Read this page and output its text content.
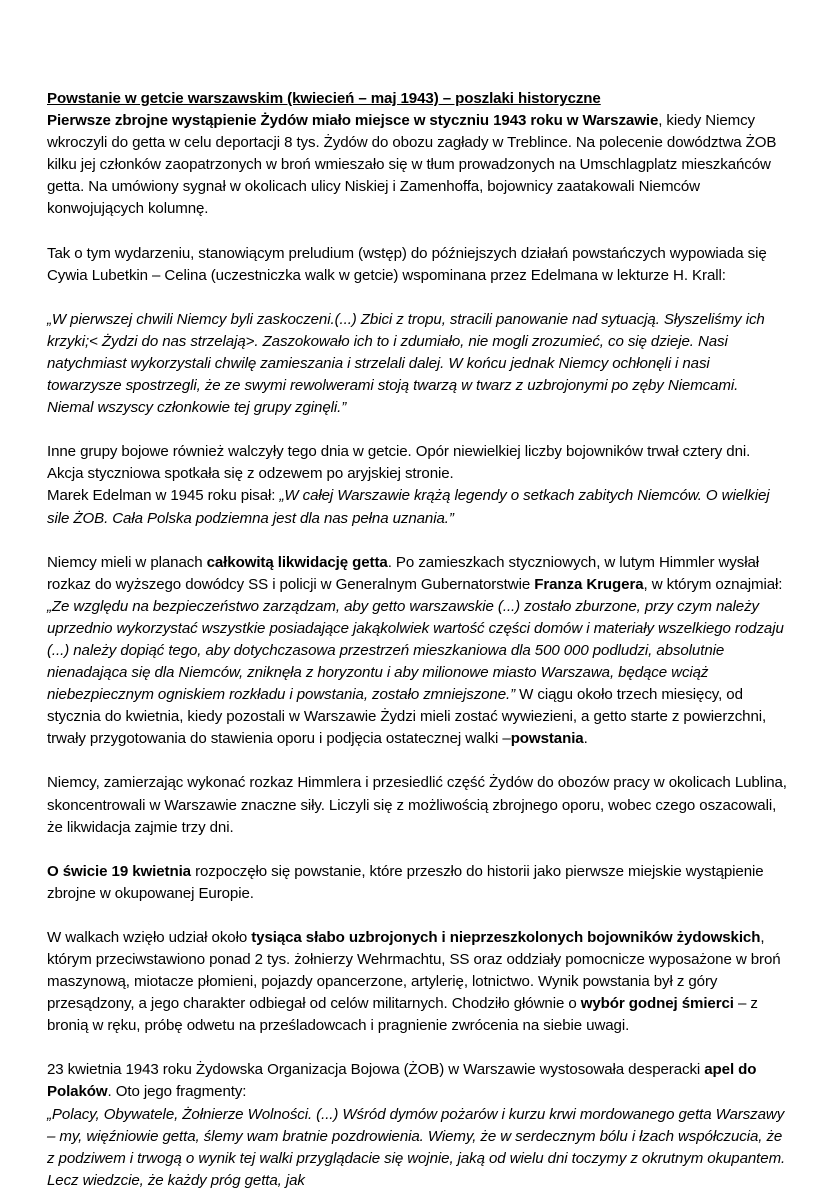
Powstanie w getcie warszawskim (kwiecień – maj 1943) – poszlaki historyczne

Pierwsze zbrojne wystąpienie Żydów miało miejsce w styczniu 1943 roku w Warszawie, kiedy Niemcy wkroczyli do getta w celu deportacji 8 tys. Żydów do obozu zagłady w Treblince. Na polecenie dowództwa ŻOB kilku jej członków zaopatrzonych w broń wmieszało się w tłum prowadzonych na Umschlagplatz mieszkańców getta. Na umówiony sygnał w okolicach ulicy Niskiej i Zamenhoffa, bojownicy zaatakowali Niemców konwojujących kolumnę.

Tak o tym wydarzeniu, stanowiącym preludium (wstęp) do późniejszych działań powstańczych wypowiada się Cywia Lubetkin – Celina (uczestniczka walk w getcie) wspominana przez Edelmana w lekturze H. Krall:

„W pierwszej chwili Niemcy byli zaskoczeni.(...) Zbici z tropu, stracili panowanie nad sytuacją. Słyszeliśmy ich krzyki;< Żydzi do nas strzelają>. Zaszokowało ich to i zdumiało, nie mogli zrozumieć, co się dzieje. Nasi natychmiast wykorzystali chwilę zamieszania i strzelali dalej. W końcu jednak Niemcy ochłonęli i nasi towarzysze spostrzegli, że ze swymi rewolwerami stoją twarzą w twarz z uzbrojonymi po zęby Niemcami. Niemal wszyscy członkowie tej grupy zginęli.”

Inne grupy bojowe również walczyły tego dnia w getcie. Opór niewielkiej liczby bojowników trwał cztery dni. Akcja styczniowa spotkała się z odzewem po aryjskiej stronie.

Marek Edelman w 1945 roku pisał: „W całej Warszawie krążą legendy o setkach zabitych Niemców. O wielkiej sile ŻOB. Cała Polska podziemna jest dla nas pełna uznania.”

Niemcy mieli w planach całkowitą likwidację getta. Po zamieszkach styczniowych, w lutym Himmler wysłał rozkaz do wyższego dowódcy SS i policji w Generalnym Gubernatorstwie Franza Krugera, w którym oznajmiał: „Ze względu na bezpieczeństwo zarządzam, aby getto warszawskie (...) zostało zburzone, przy czym należy uprzednio wykorzystać wszystkie posiadające jakąkolwiek wartość części domów i materiały wszelkiego rodzaju (...) należy dopiąć tego, aby dotychczasowa przestrzeń mieszkaniowa dla 500 000 podludzi, absolutnie nienadająca się dla Niemców, zniknęła z horyzontu i aby milionowe miasto Warszawa, będące wciąż niebezpiecznym ogniskiem rozkładu i powstania, zostało zmniejszone.” W ciągu około trzech miesięcy, od stycznia do kwietnia, kiedy pozostali w Warszawie Żydzi mieli zostać wywiezieni, a getto starte z powierzchni, trwały przygotowania do stawienia oporu i podjęcia ostatecznej walki –powstania.

Niemcy, zamierzając wykonać rozkaz Himmlera i przesiedlić część Żydów do obozów pracy w okolicach Lublina, skoncentrowali w Warszawie znaczne siły. Liczyli się z możliwością zbrojnego oporu, wobec czego oszacowali, że likwidacja zajmie trzy dni.

O świcie 19 kwietnia rozpoczęło się powstanie, które przeszło do historii jako pierwsze miejskie wystąpienie zbrojne w okupowanej Europie.

W walkach wzięło udział około tysiąca słabo uzbrojonych i nieprzeszkolonych bojowników żydowskich, którym przeciwstawiono ponad 2 tys. żołnierzy Wehrmachtu, SS oraz oddziały pomocnicze wyposażone w broń maszynową, miotacze płomieni, pojazdy opancerzone, artylerię, lotnictwo. Wynik powstania był z góry przesądzony, a jego charakter odbiegał od celów militarnych. Chodziło głównie o wybór godnej śmierci – z bronią w ręku, próbę odwetu na prześladowcach i pragnienie zwrócenia na siebie uwagi.

23 kwietnia 1943 roku Żydowska Organizacja Bojowa (ŻOB) w Warszawie wystosowała desperacki apel do Polaków. Oto jego fragmenty:

„Polacy, Obywatele, Żołnierze Wolności. (...) Wśród dymów pożarów i kurzu krwi mordowanego getta Warszawy – my, więźniowie getta, ślemy wam bratnie pozdrowienia. Wiemy, że w serdecznym bólu i łzach współczucia, że z podziwem i trwogą o wynik tej walki przyglądacie się wojnie, jaką od wielu dni toczymy z okrutnym okupantem. Lecz wiedzcie, że każdy próg getta, jak
